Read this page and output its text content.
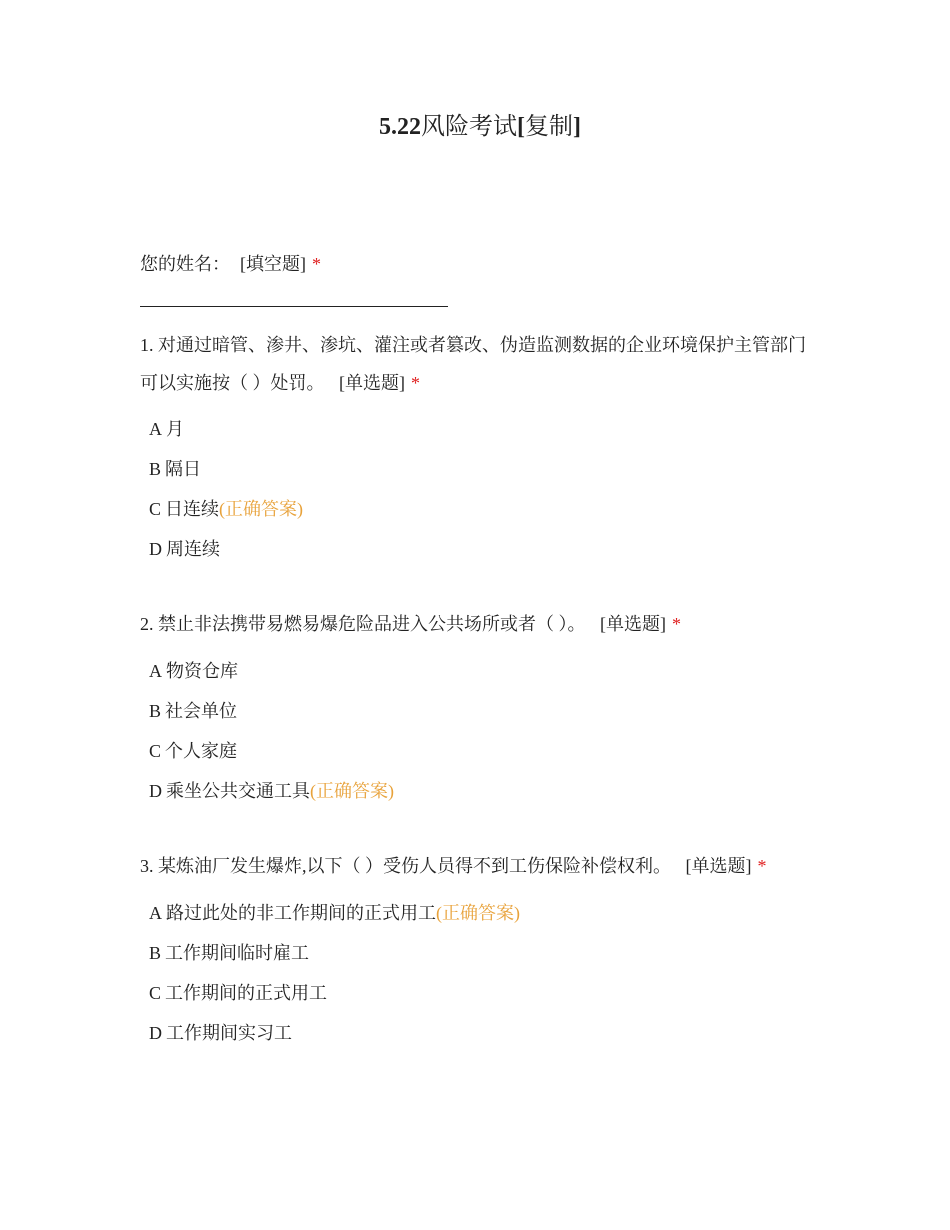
5.22风险考试[复制]
您的姓名： [填空题] *
1. 对通过暗管、渗井、渗坑、灌注或者篡改、伪造监测数据的企业环境保护主管部门可以实施按（ ）处罚。 [单选题] *
A 月
B 隔日
C 日连续(正确答案)
D 周连续
2. 禁止非法携带易燃易爆危险品进入公共场所或者（ ）。 [单选题] *
A 物资仓库
B 社会单位
C 个人家庭
D 乘坐公共交通工具(正确答案)
3. 某炼油厂发生爆炸,以下（ ）受伤人员得不到工伤保险补偿权利。 [单选题] *
A 路过此处的非工作期间的正式用工(正确答案)
B 工作期间临时雇工
C 工作期间的正式用工
D 工作期间实习工
